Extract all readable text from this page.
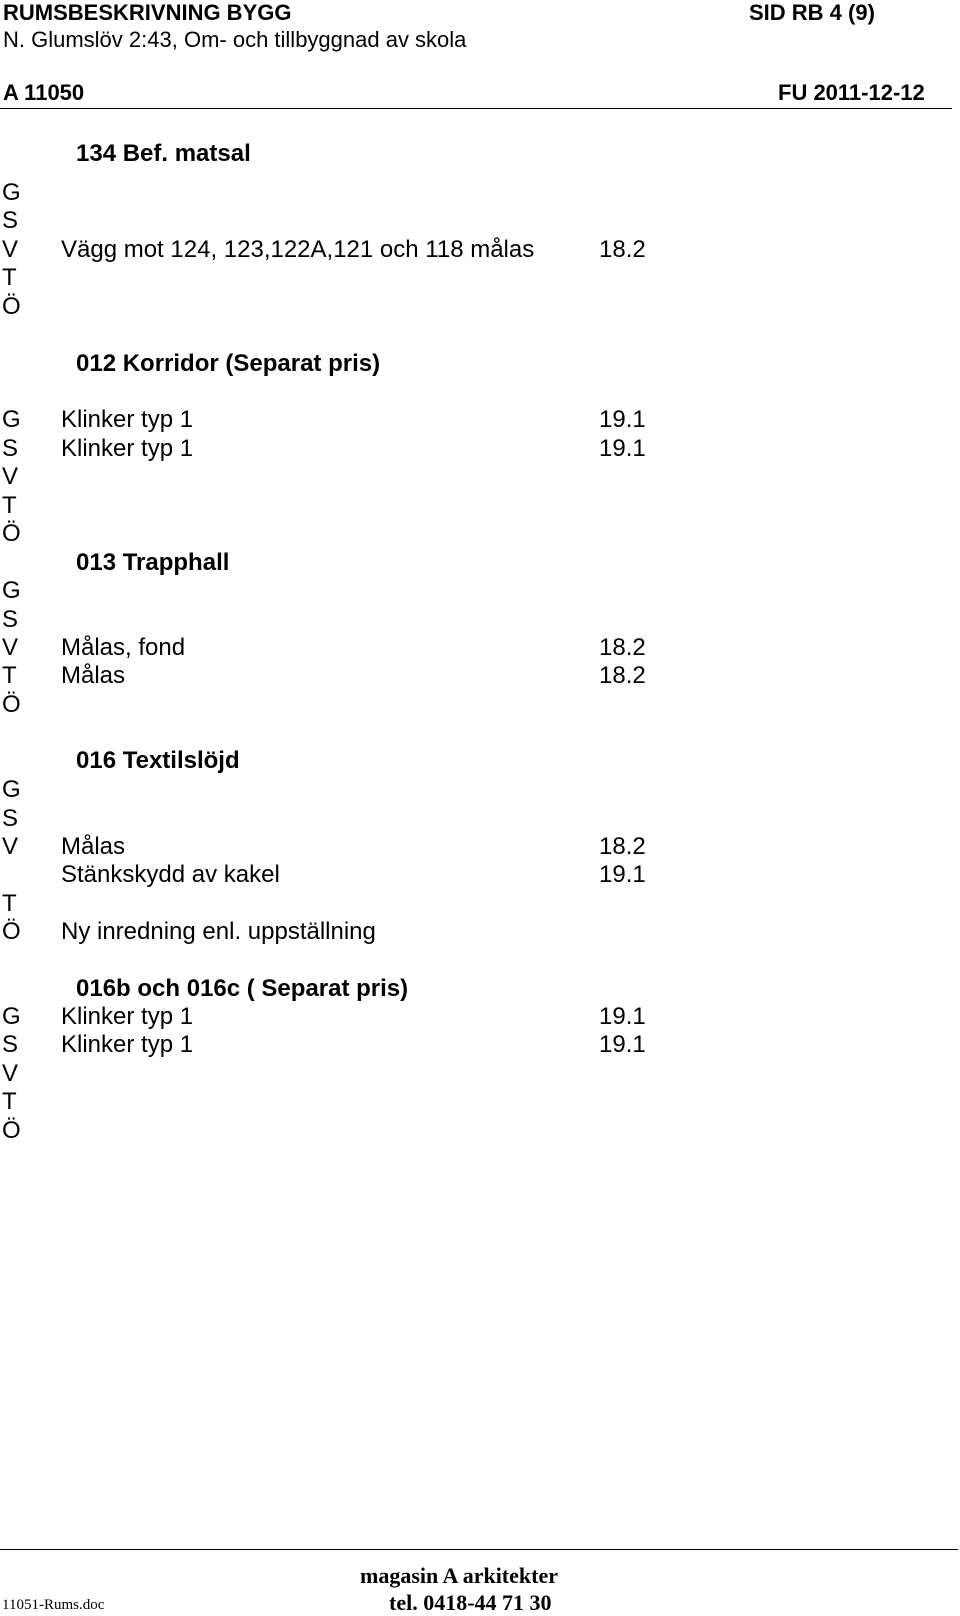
RUMSBESKRIVNING BYGG	SID RB 4 (9)
N. Glumslöv 2:43, Om- och tillbyggnad av skola
A 11050	FU 2011-12-12
134 Bef. matsal
G
S
V Vägg mot 124, 123,122A,121 och 118 målas	18.2
T
Ö
012 Korridor (Separat pris)
G Klinker typ 1	19.1
S Klinker typ 1	19.1
V
T
Ö
013 Trapphall
G
S
V Målas, fond	18.2
T Målas	18.2
Ö
016 Textilslöjd
G
S
V Målas	18.2
Stänkskydd av kakel	19.1
T
Ö Ny inredning enl. uppställning
016b och 016c ( Separat pris)
G Klinker typ 1	19.1
S Klinker typ 1	19.1
V
T
Ö
magasin A arkitekter
11051-Rums.doc	tel. 0418-44 71 30
